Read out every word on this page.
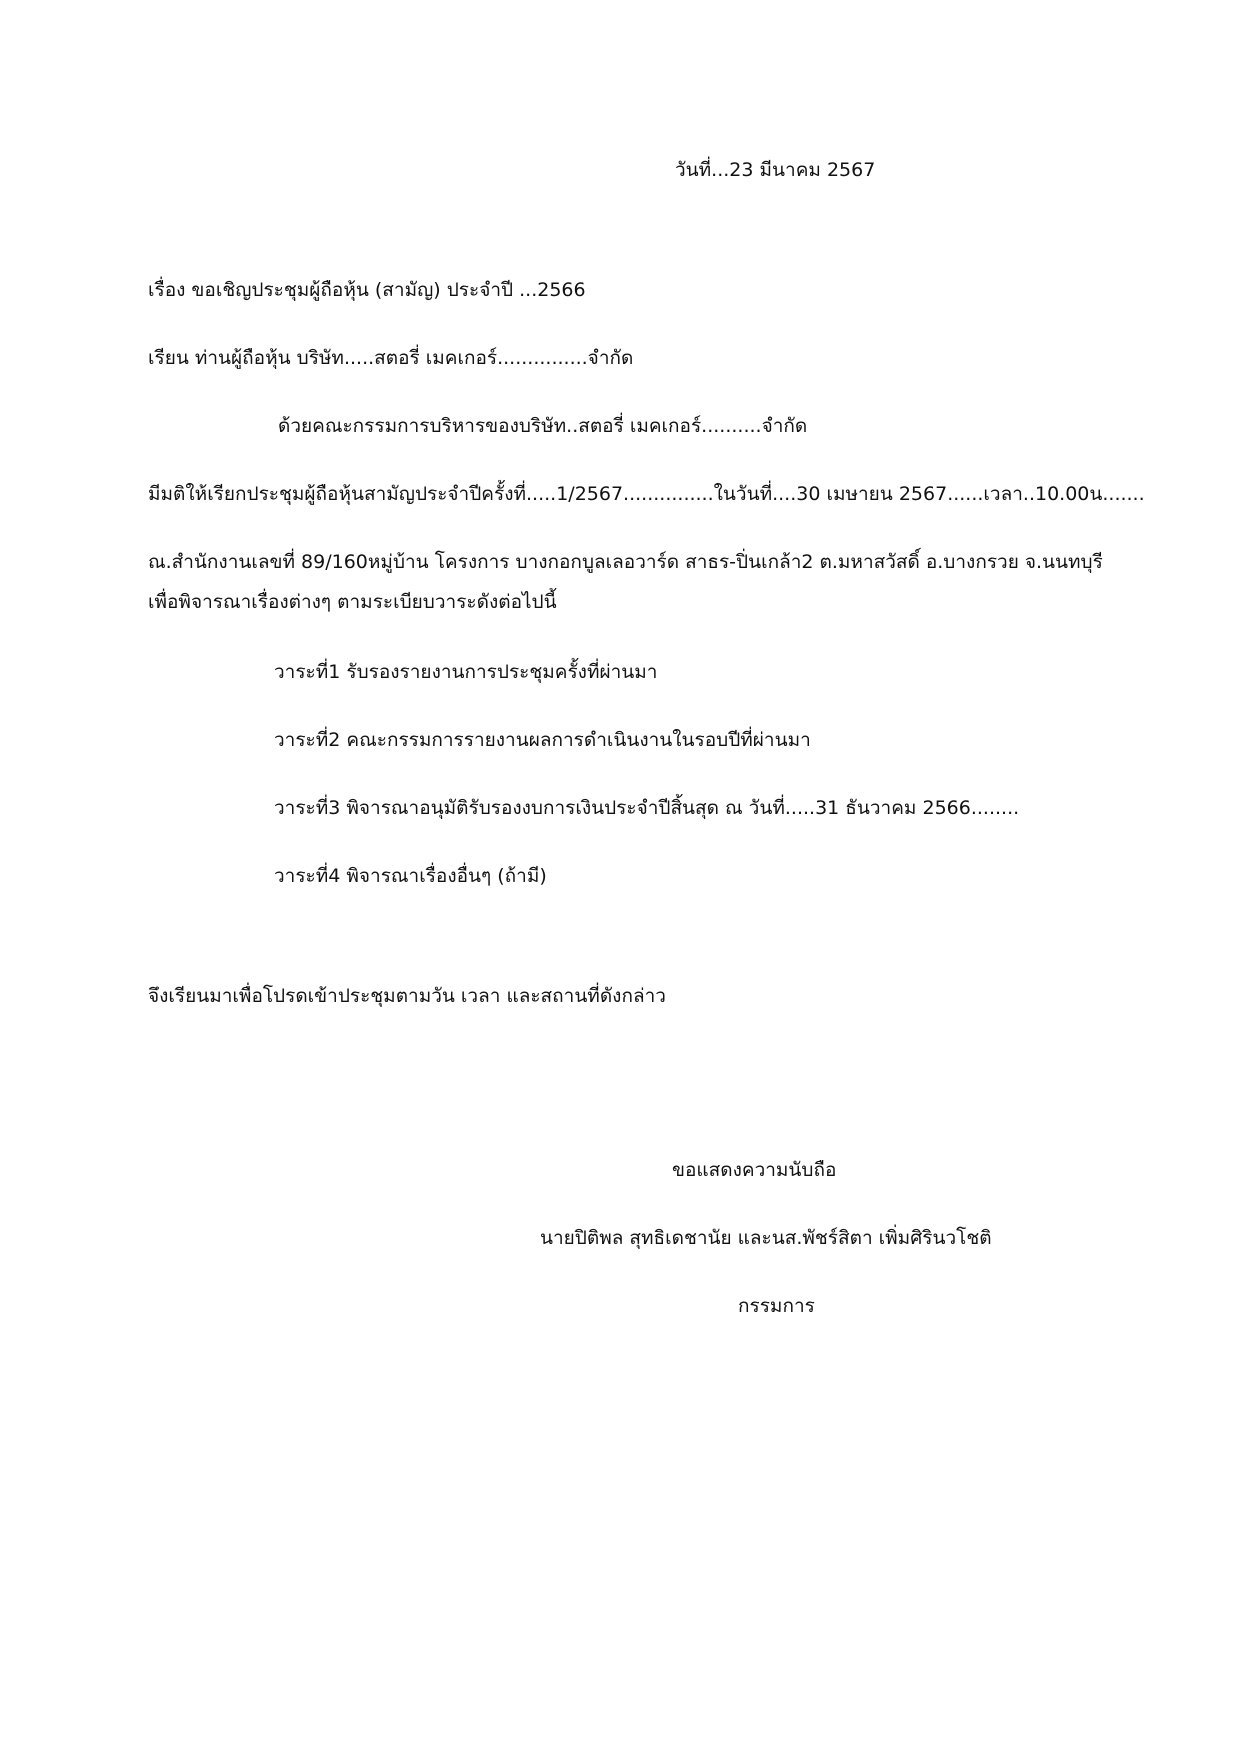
วันที่...23 มีนาคม 2567
เรื่อง ขอเชิญประชุมผู้ถือหุ้น (สามัญ) ประจำปี ...2566
เรียน ท่านผู้ถือหุ้น บริษัท.....สตอรี่ เมคเกอร์...............จำกัด
ด้วยคณะกรรมการบริหารของบริษัท..สตอรี่ เมคเกอร์..........จำกัด
มีมติให้เรียกประชุมผู้ถือหุ้นสามัญประจำปีครั้งที่.....1/2567...............ในวันที่....30 เมษายน 2567......เวลา..10.00น.......
ณ.สำนักงานเลขที่ 89/160หมู่บ้าน โครงการ บางกอกบูลเลอวาร์ด สาธร-ปิ่นเกล้า2 ต.มหาสวัสดิ์ อ.บางกรวย จ.นนทบุรี
เพื่อพิจารณาเรื่องต่างๆ ตามระเบียบวาระดังต่อไปนี้
วาระที่1 รับรองรายงานการประชุมครั้งที่ผ่านมา
วาระที่2 คณะกรรมการรายงานผลการดำเนินงานในรอบปีที่ผ่านมา
วาระที่3 พิจารณาอนุมัติรับรองงบการเงินประจำปีสิ้นสุด ณ วันที่.....31 ธันวาคม 2566........
วาระที่4 พิจารณาเรื่องอื่นๆ (ถ้ามี)
จึงเรียนมาเพื่อโปรดเข้าประชุมตามวัน เวลา และสถานที่ดังกล่าว
ขอแสดงความนับถือ
นายปิติพล สุทธิเดชานัย และนส.พัชร์สิตา เพิ่มศิรินวโชติ
กรรมการ
